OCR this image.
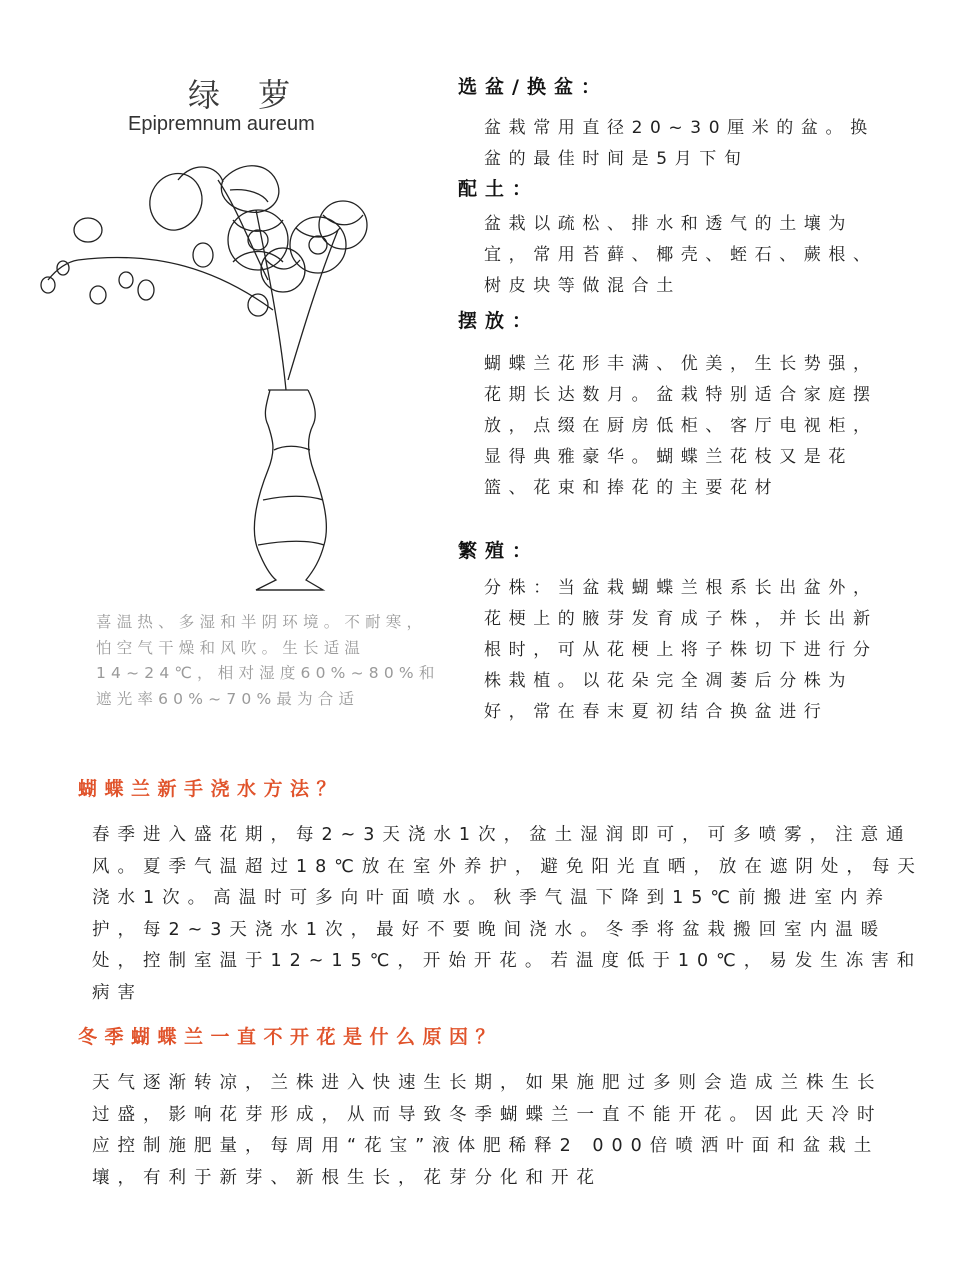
绿 萝
Epipremnum aureum
喜温热、多湿和半阴环境。不耐寒，怕空气干燥和风吹。生长适温14~24℃，相对湿度60%~80%和遮光率60%~70%最为合适
选盆/换盆：
盆栽常用直径20~30厘米的盆。换盆的最佳时间是5月下旬
配土：
盆栽以疏松、排水和透气的土壤为宜，常用苔藓、椰壳、蛭石、蕨根、树皮块等做混合土
摆放：
蝴蝶兰花形丰满、优美，生长势强，花期长达数月。盆栽特别适合家庭摆放，点缀在厨房低柜、客厅电视柜，显得典雅豪华。蝴蝶兰花枝又是花篮、花束和捧花的主要花材
繁殖：
分株：当盆栽蝴蝶兰根系长出盆外，花梗上的腋芽发育成子株，并长出新根时，可从花梗上将子株切下进行分株栽植。以花朵完全凋萎后分株为好，常在春末夏初结合换盆进行
蝴蝶兰新手浇水方法？
春季进入盛花期，每2~3天浇水1次，盆土湿润即可，可多喷雾，注意通风。夏季气温超过18℃放在室外养护，避免阳光直晒，放在遮阴处，每天浇水1次。高温时可多向叶面喷水。秋季气温下降到15℃前搬进室内养护，每2~3天浇水1次，最好不要晚间浇水。冬季将盆栽搬回室内温暖处，控制室温于12~15℃，开始开花。若温度低于10℃，易发生冻害和病害
冬季蝴蝶兰一直不开花是什么原因？
天气逐渐转凉，兰株进入快速生长期，如果施肥过多则会造成兰株生长过盛，影响花芽形成，从而导致冬季蝴蝶兰一直不能开花。因此天冷时应控制施肥量，每周用“花宝”液体肥稀释2 000倍喷洒叶面和盆栽土壤，有利于新芽、新根生长，花芽分化和开花
